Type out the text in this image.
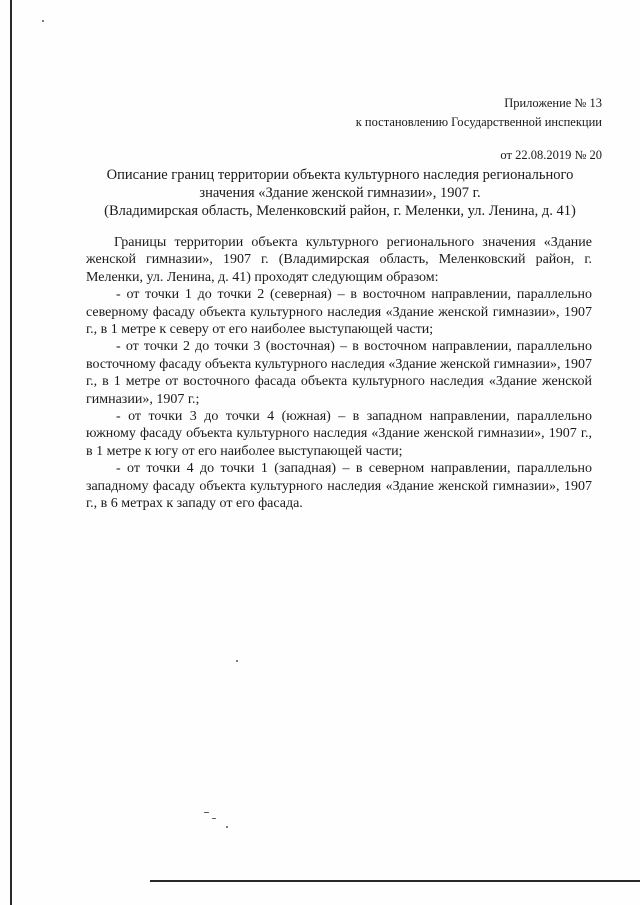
Приложение № 13
к постановлению Государственной инспекции
от 22.08.2019 № 20
Описание границ территории объекта культурного наследия регионального
значения «Здание женской гимназии», 1907 г.
(Владимирская область, Меленковский район, г. Меленки, ул. Ленина, д. 41)

Границы территории объекта культурного регионального значения «Здание женской гимназии», 1907 г. (Владимирская область, Меленковский район, г. Меленки, ул. Ленина, д. 41) проходят следующим образом:

- от точки 1 до точки 2 (северная) – в восточном направлении, параллельно северному фасаду объекта культурного наследия «Здание женской гимназии», 1907 г., в 1 метре к северу от его наиболее выступающей части;

- от точки 2 до точки 3 (восточная) – в восточном направлении, параллельно восточному фасаду объекта культурного наследия «Здание женской гимназии», 1907 г., в 1 метре от восточного фасада объекта культурного наследия «Здание женской гимназии», 1907 г.;

- от точки 3 до точки 4 (южная) – в западном направлении, параллельно южному фасаду объекта культурного наследия «Здание женской гимназии», 1907 г., в 1 метре к югу от его наиболее выступающей части;

- от точки 4 до точки 1 (западная) – в северном направлении, параллельно западному фасаду объекта культурного наследия «Здание женской гимназии», 1907 г., в 6 метрах к западу от его фасада.
